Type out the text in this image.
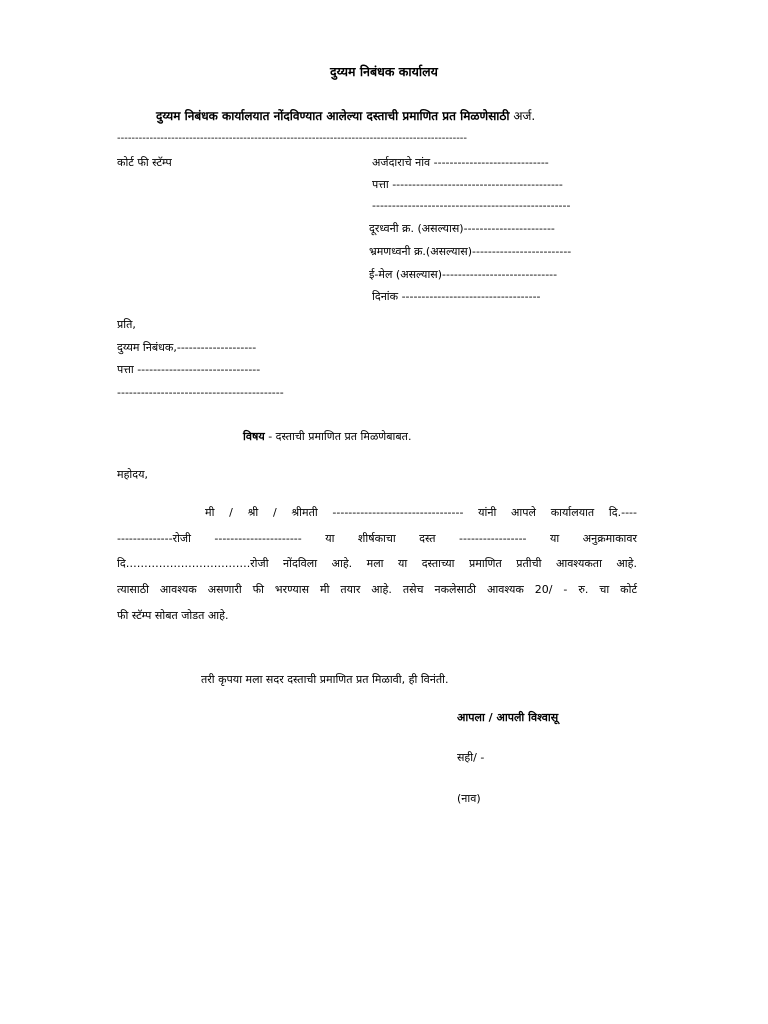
दुय्यम निबंधक कार्यालय
दुय्यम निबंधक कार्यालयात नोंदविण्यात आलेल्या दस्ताची प्रमाणित प्रत मिळणेसाठी अर्ज.
-------------------------------------------------------------------------------------------------
कोर्ट फी स्टॅम्प	अर्जदाराचे नांव -----------------------------
पत्ता -------------------------------------------
--------------------------------------------------
दूरध्वनी क्र. (असल्यास)-----------------------
भ्रमणध्वनी क्र.(असल्यास)-------------------------
ई-मेल (असल्यास)-----------------------------
दिनांक -----------------------------------
प्रति,
दुय्यम निबंधक,--------------------
पत्ता -------------------------------
------------------------------------------
विषय - दस्ताची प्रमाणित प्रत मिळणेबाबत.
महोदय,
मी / श्री / श्रीमती --------------------------------- यांनी आपले कार्यालयात दि.----
--------------रोजी ---------------------- या शीर्षकाचा दस्त ----------------- या अनुक्रमाकावर
दि…………………………….रोजी नोंदविला आहे. मला या दस्ताच्या प्रमाणित प्रतीची आवश्यकता आहे.
त्यासाठी आवश्यक असणारी फी भरण्यास मी तयार आहे. तसेच नकलेसाठी आवश्यक 20/ - रु. चा कोर्ट
फी स्टॅम्प सोबत जोडत आहे.
तरी कृपया मला सदर दस्ताची प्रमाणित प्रत मिळावी, ही विनंती.
आपला / आपली विश्वासू
सही/ -
(नाव)
